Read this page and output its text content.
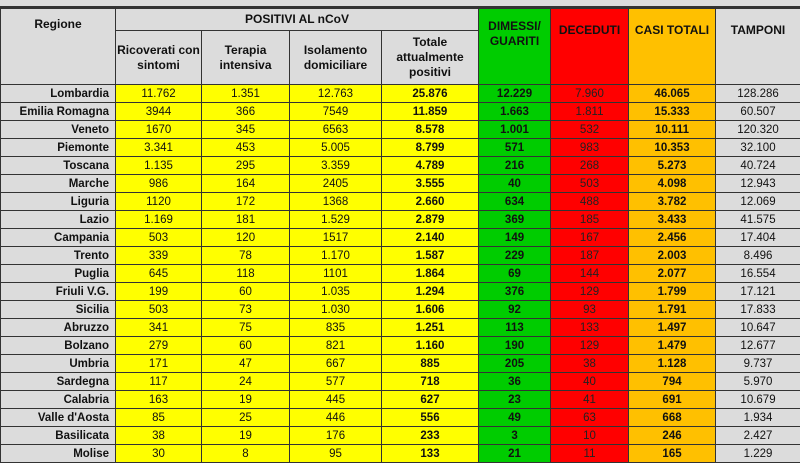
Regione	POSITIVI AL nCoV				DIMESSI/ GUARITI	DECEDUTI	CASI TOTALI	TAMPONI
	Ricoverati con sintomi	Terapia intensiva	Isolamento domiciliare	Totale attualmente positivi				
Lombardia	11.762	1.351	12.763	25.876	12.229	7.960	46.065	128.286
Emilia Romagna	3944	366	7549	11.859	1.663	1.811	15.333	60.507
Veneto	1670	345	6563	8.578	1.001	532	10.111	120.320
Piemonte	3.341	453	5.005	8.799	571	983	10.353	32.100
Toscana	1.135	295	3.359	4.789	216	268	5.273	40.724
Marche	986	164	2405	3.555	40	503	4.098	12.943
Liguria	1120	172	1368	2.660	634	488	3.782	12.069
Lazio	1.169	181	1.529	2.879	369	185	3.433	41.575
Campania	503	120	1517	2.140	149	167	2.456	17.404
Trento	339	78	1.170	1.587	229	187	2.003	8.496
Puglia	645	118	1101	1.864	69	144	2.077	16.554
Friuli V.G.	199	60	1.035	1.294	376	129	1.799	17.121
Sicilia	503	73	1.030	1.606	92	93	1.791	17.833
Abruzzo	341	75	835	1.251	113	133	1.497	10.647
Bolzano	279	60	821	1.160	190	129	1.479	12.677
Umbria	171	47	667	885	205	38	1.128	9.737
Sardegna	117	24	577	718	36	40	794	5.970
Calabria	163	19	445	627	23	41	691	10.679
Valle d'Aosta	85	25	446	556	49	63	668	1.934
Basilicata	38	19	176	233	3	10	246	2.427
Molise	30	8	95	133	21	11	165	1.229
